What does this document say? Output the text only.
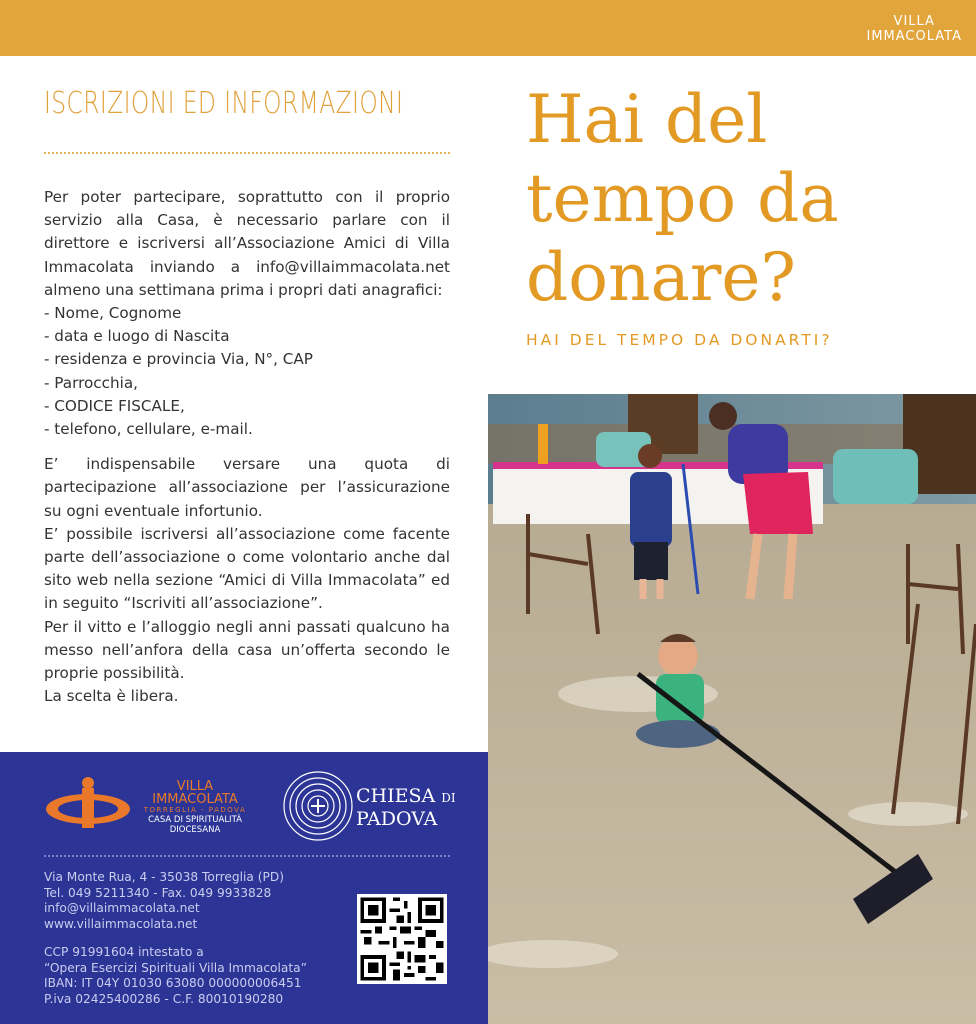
VILLA
IMMACOLATA
ISCRIZIONI ED INFORMAZIONI

Per poter partecipare, soprattutto con il proprio servizio alla Casa, è necessario parlare con il direttore e iscriversi all’Associazione Amici di Villa Immacolata inviando a info@villaimmacolata.net almeno una settimana prima i propri dati anagrafici:

- Nome, Cognome
- data e luogo di Nascita
- residenza e provincia Via, N°, CAP
- Parrocchia,
- CODICE FISCALE,
- telefono, cellulare, e-mail.

E’ indispensabile versare una quota di partecipazione all’associazione per l’assicurazione su ogni eventuale infortunio.

E’ possibile iscriversi all’associazione come facente parte dell’associazione o come volontario anche dal sito web nella sezione “Amici di Villa Immacolata” ed in seguito “Iscriviti all’associazione”.

Per il vitto e l’alloggio negli anni passati qualcuno ha messo nell’anfora della casa un’offerta secondo le proprie possibilità.

La scelta è libera.

Hai del
tempo da
donare?
HAI DEL TEMPO DA DONARTI?
VILLA
IMMACOLATA
TORREGLIA - PADOVA
CASA DI SPIRITUALITÀ
DIOCESANA
CHIESA DI
PADOVA
Via Monte Rua, 4 - 35038 Torreglia (PD)
Tel. 049 5211340 - Fax. 049 9933828
info@villaimmacolata.net
www.villaimmacolata.net
CCP 91991604 intestato a
“Opera Esercizi Spirituali Villa Immacolata”
IBAN: IT 04Y 01030 63080 000000006451
P.iva 02425400286 - C.F. 80010190280
